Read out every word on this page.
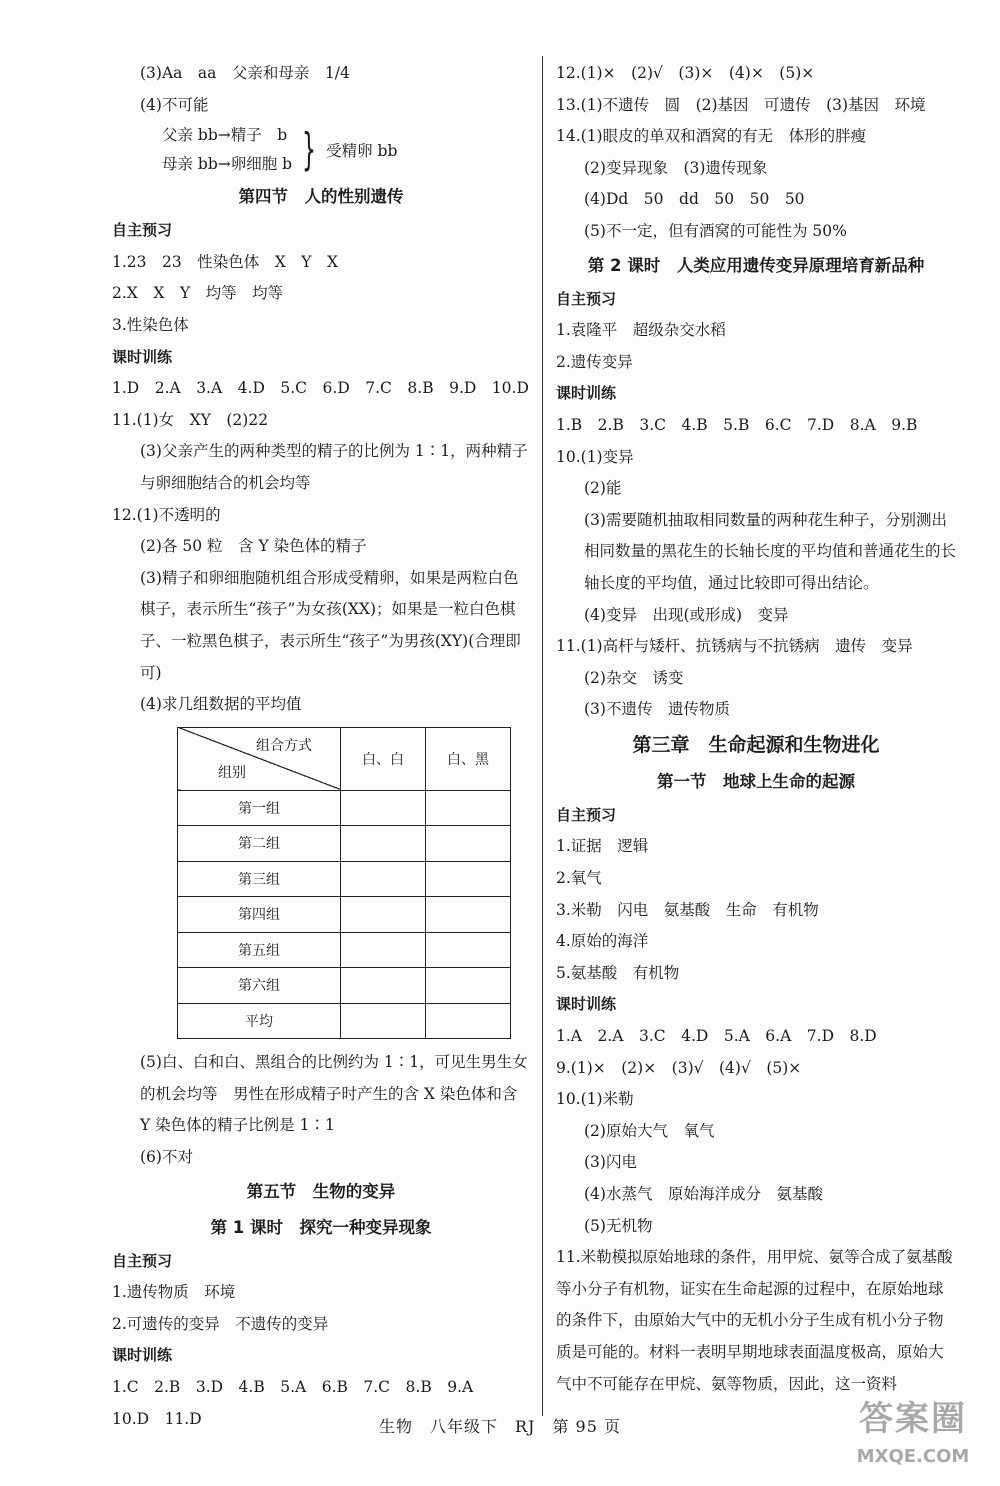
(3)Aa　aa　父亲和母亲　1/4
(4)不可能
父亲 bb→精子　b
母亲 bb→卵细胞 b } 受精卵 bb
第四节　人的性别遗传
自主预习
1.23　23　性染色体　X　Y　X
2.X　X　Y　均等　均等
3.性染色体
课时训练
1.D　2.A　3.A　4.D　5.C　6.D　7.C　8.B　9.D　10.D
11.(1)女　XY　(2)22
(3)父亲产生的两种类型的精子的比例为 1∶1，两种精子与卵细胞结合的机会均等
12.(1)不透明的
(2)各 50 粒　含 Y 染色体的精子
(3)精子和卵细胞随机组合形成受精卵，如果是两粒白色棋子，表示所生“孩子”为女孩(XX)；如果是一粒白色棋子、一粒黑色棋子，表示所生“孩子”为男孩(XY)(合理即可)
(4)求几组数据的平均值
组合方式
组别	白、白	白、黑
第一组		
第二组		
第三组		
第四组		
第五组		
第六组		
平均		
(5)白、白和白、黑组合的比例约为 1∶1，可见生男生女的机会均等　男性在形成精子时产生的含 X 染色体和含 Y 染色体的精子比例是 1∶1
(6)不对
第五节　生物的变异
第 1 课时　探究一种变异现象
自主预习
1.遗传物质　环境
2.可遗传的变异　不遗传的变异
课时训练
1.C　2.B　3.D　4.B　5.A　6.B　7.C　8.B　9.A
10.D　11.D
12.(1)×　(2)√　(3)×　(4)×　(5)×
13.(1)不遗传　圆　(2)基因　可遗传　(3)基因　环境
14.(1)眼皮的单双和酒窝的有无　体形的胖瘦
(2)变异现象　(3)遗传现象
(4)Dd　50　dd　50　50　50
(5)不一定，但有酒窝的可能性为 50%
第 2 课时　人类应用遗传变异原理培育新品种
自主预习
1.袁隆平　超级杂交水稻
2.遗传变异
课时训练
1.B　2.B　3.C　4.B　5.B　6.C　7.D　8.A　9.B
10.(1)变异
(2)能
(3)需要随机抽取相同数量的两种花生种子，分别测出相同数量的黑花生的长轴长度的平均值和普通花生的长轴长度的平均值，通过比较即可得出结论。
(4)变异　出现(或形成)　变异
11.(1)高杆与矮杆、抗锈病与不抗锈病　遗传　变异
(2)杂交　诱变
(3)不遗传　遗传物质
第三章　生命起源和生物进化
第一节　地球上生命的起源
自主预习
1.证据　逻辑
2.氧气
3.米勒　闪电　氨基酸　生命　有机物
4.原始的海洋
5.氨基酸　有机物
课时训练
1.A　2.A　3.C　4.D　5.A　6.A　7.D　8.D
9.(1)×　(2)×　(3)√　(4)√　(5)×
10.(1)米勒
(2)原始大气　氧气
(3)闪电
(4)水蒸气　原始海洋成分　氨基酸
(5)无机物
11.米勒模拟原始地球的条件，用甲烷、氨等合成了氨基酸等小分子有机物，证实在生命起源的过程中，在原始地球的条件下，由原始大气中的无机小分子生成有机小分子物质是可能的。材料一表明早期地球表面温度极高，原始大气中不可能存在甲烷、氨等物质，因此，这一资料
生物　八年级下　RJ　第 95 页	答案圈
MXQE.COM
